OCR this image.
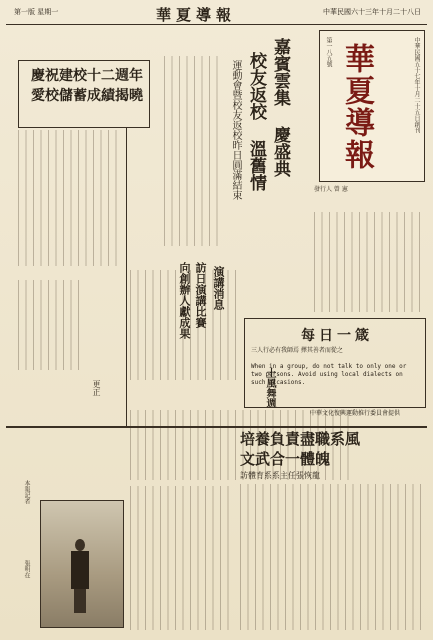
第一版 星期一	華夏導報	中華民國六十三年十月二十八日
華夏導報	中華民國五十七年十月二十五日創刊
第一八五號
發行人 曾 憲
嘉賓雲集 慶盛典
校友返校 溫舊情
運動會暨校友返校昨日圓滿結束
慶祝建校十二週年
愛校儲蓄成績揭曉
演講消息
訪日演講比賽
向創辦人獻成果
土風舞週
每日一箴
三人行必有我師焉 擇其善者而從之
When in a group, do not talk to only one or two persons. Avoid using local dialects on such occasions.
中華文化復興運動推行委員會提供
培養負責盡職系風
文武合一體魄
訪體育系系主任張恢龍
本報記者
張明在
更正
